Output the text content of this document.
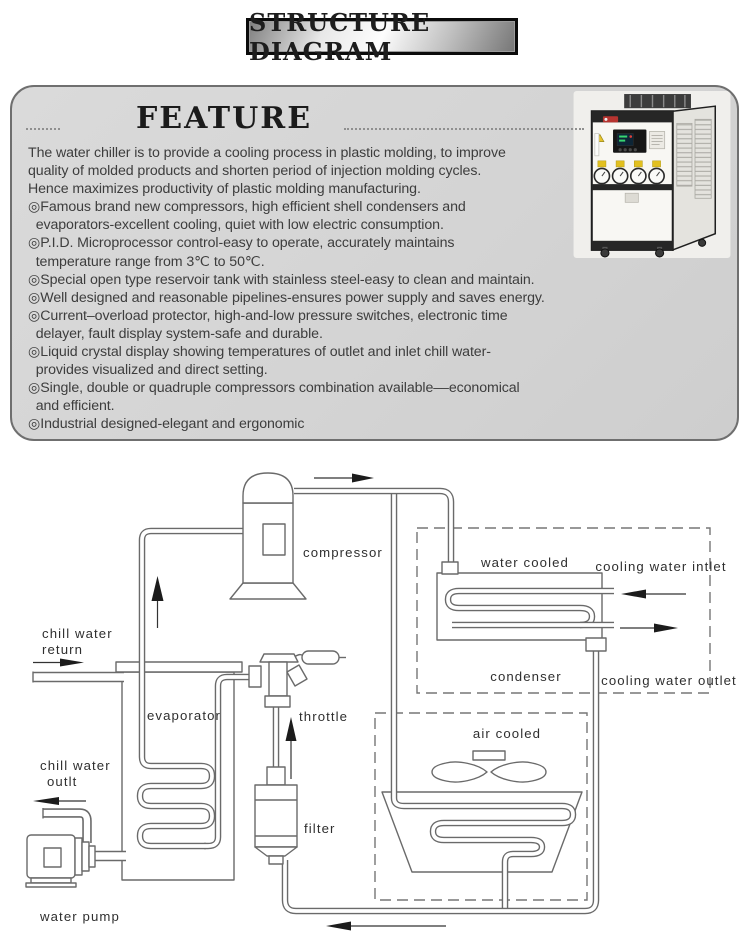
STRUCTURE DIAGRAM
FEATURE
The water chiller is to provide a cooling process in plastic molding, to improve
quality of molded products and shorten period of injection molding cycles.
Hence maximizes productivity of plastic molding manufacturing.
◎Famous brand new compressors, high efficient shell condensers and
evaporators-excellent cooling, quiet with low electric consumption.
◎P.I.D. Microprocessor control-easy to operate, accurately maintains
temperature range from 3℃ to 50℃.
◎Special open type reservoir tank with stainless steel-easy to clean and maintain.
◎Well designed and reasonable pipelines-ensures power supply and saves energy.
◎Current–overload protector, high-and-low pressure switches, electronic time
delayer, fault display system-safe and durable.
◎Liquid crystal display showing temperatures of outlet and inlet chill water-
provides visualized and direct setting.
◎Single, double or quadruple compressors combination available––economical
and efficient.
◎Industrial designed-elegant and ergonomic
compressor
water cooled cooling water intlet
condenser	cooling water outlet
air cooled
evaporator	throttle
filter
water pump
chill water
return
chill water
outlt
